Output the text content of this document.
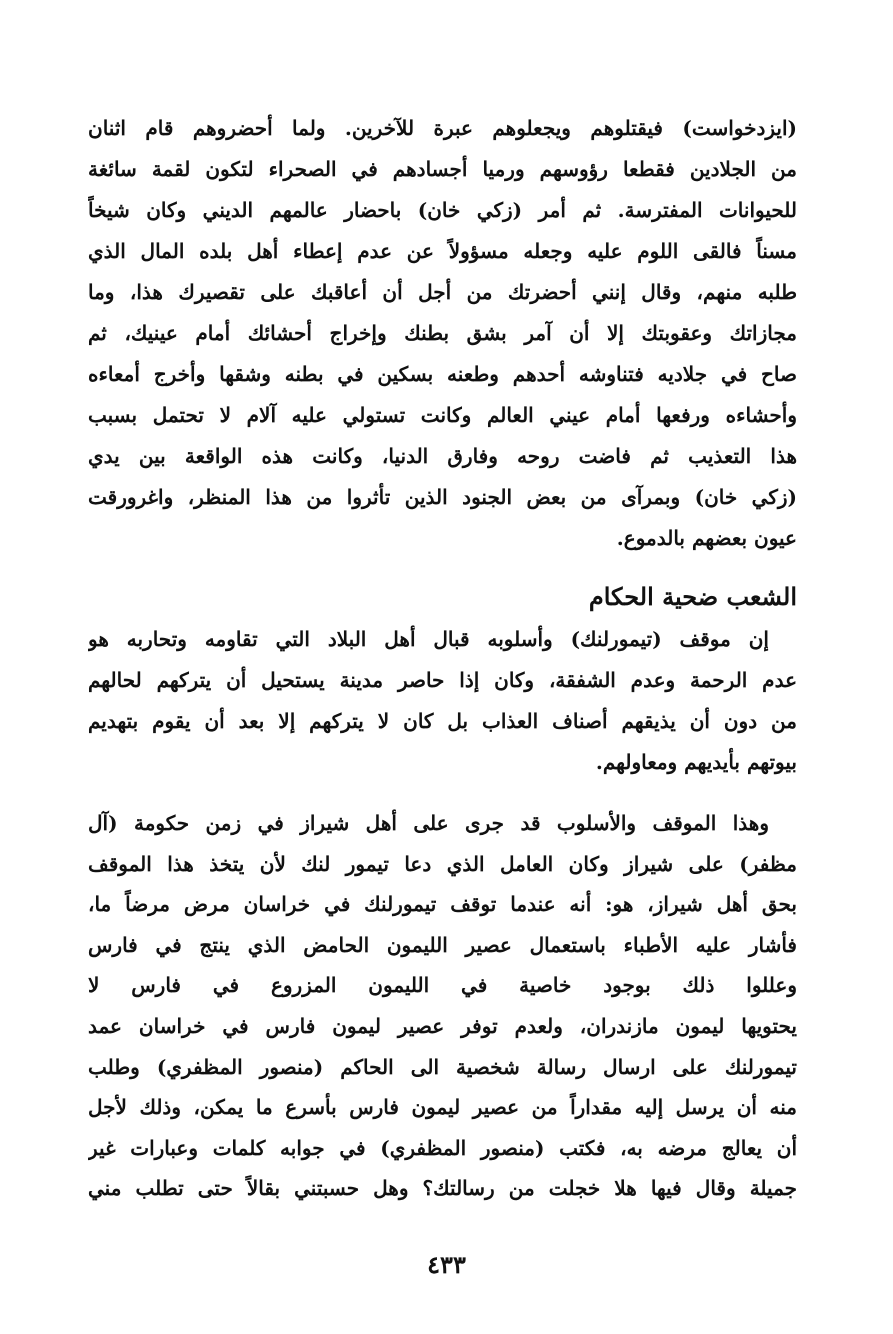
(ايزدخواست) فيقتلوهم ويجعلوهم عبرة للآخرين. ولما أحضروهم قام اثنان
من الجلادين فقطعا رؤوسهم ورميا أجسادهم في الصحراء لتكون لقمة سائغة
للحيوانات المفترسة. ثم أمر (زكي خان) باحضار عالمهم الديني وكان شيخاً
مسناً فالقى اللوم عليه وجعله مسؤولاً عن عدم إعطاء أهل بلده المال الذي
طلبه منهم، وقال إنني أحضرتك من أجل أن أعاقبك على تقصيرك هذا، وما
مجازاتك وعقوبتك إلا أن آمر بشق بطنك وإخراج أحشائك أمام عينيك، ثم
صاح في جلاديه فتناوشه أحدهم وطعنه بسكين في بطنه وشقها وأخرج أمعاءه
وأحشاءه ورفعها أمام عيني العالم وكانت تستولي عليه آلام لا تحتمل بسبب
هذا التعذيب ثم فاضت روحه وفارق الدنيا، وكانت هذه الواقعة بين يدي
(زكي خان) وبمرآى من بعض الجنود الذين تأثروا من هذا المنظر، واغرورقت
عيون بعضهم بالدموع.
الشعب ضحية الحكام
إن موقف (تيمورلنك) وأسلوبه قبال أهل البلاد التي تقاومه وتحاربه هو
عدم الرحمة وعدم الشفقة، وكان إذا حاصر مدينة يستحيل أن يتركهم لحالهم
من دون أن يذيقهم أصناف العذاب بل كان لا يتركهم إلا بعد أن يقوم بتهديم
بيوتهم بأيديهم ومعاولهم.
وهذا الموقف والأسلوب قد جرى على أهل شيراز في زمن حكومة (آل
مظفر) على شيراز وكان العامل الذي دعا تيمور لنك لأن يتخذ هذا الموقف
بحق أهل شيراز، هو: أنه عندما توقف تيمورلنك في خراسان مرض مرضاً ما،
فأشار عليه الأطباء باستعمال عصير الليمون الحامض الذي ينتج في فارس
وعللوا ذلك بوجود خاصية في الليمون المزروع في فارس لا
يحتويها ليمون مازندران، ولعدم توفر عصير ليمون فارس في خراسان عمد
تيمورلنك على ارسال رسالة شخصية الى الحاكم (منصور المظفري) وطلب
منه أن يرسل إليه مقداراً من عصير ليمون فارس بأسرع ما يمكن، وذلك لأجل
أن يعالج مرضه به، فكتب (منصور المظفري) في جوابه كلمات وعبارات غير
جميلة وقال فيها هلا خجلت من رسالتك؟ وهل حسبتني بقالاً حتى تطلب مني
٤٣٣
